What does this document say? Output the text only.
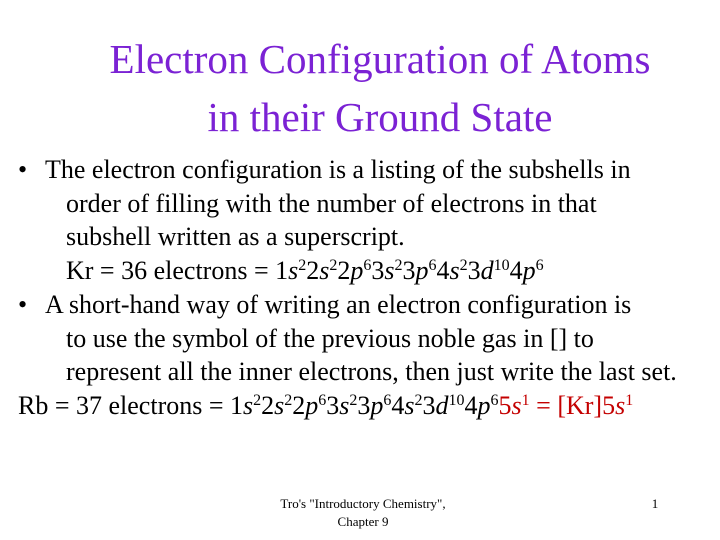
Electron Configuration of Atoms
in their Ground State
• The electron configuration is a listing of the subshells in
order of filling with the number of electrons in that
subshell written as a superscript.
Kr = 36 electrons = $1s^22s^22p^63s^23p^64s^23d^{10}4p^6$
• A short-hand way of writing an electron configuration is
to use the symbol of the previous noble gas in [] to
represent all the inner electrons, then just write the last set.
Rb = 37 electrons = $1s^22s^22p^63s^23p^64s^23d^{10}4p^65s^1 = [Kr]5s^1$
Tro's "Introductory Chemistry",
Chapter 9
1
